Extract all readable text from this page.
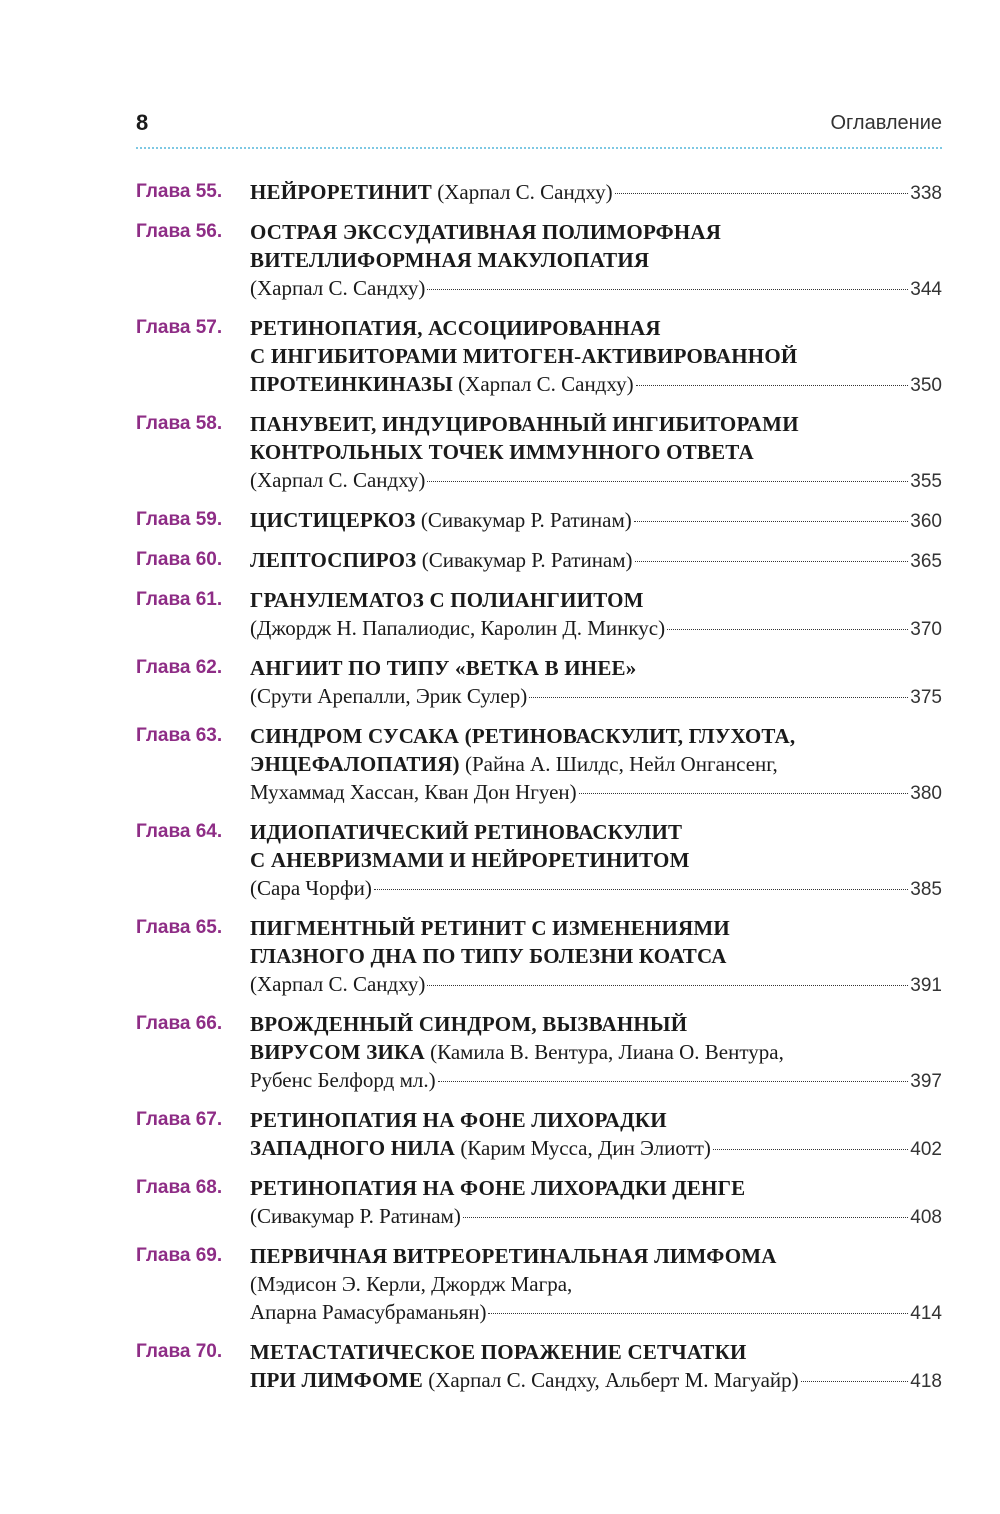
8	Оглавление
Глава 55.	НЕЙРОРЕТИНИТ (Харпал С. Сандху)	338
Глава 56.	ОСТРАЯ ЭКССУДАТИВНАЯ ПОЛИМОРФНАЯ
ВИТЕЛЛИФОРМНАЯ МАКУЛОПАТИЯ
(Харпал С. Сандху)	344
Глава 57.	РЕТИНОПАТИЯ, АССОЦИИРОВАННАЯ
С ИНГИБИТОРАМИ МИТОГЕН-АКТИВИРОВАННОЙ
ПРОТЕИНКИНАЗЫ (Харпал С. Сандху)	350
Глава 58.	ПАНУВЕИТ, ИНДУЦИРОВАННЫЙ ИНГИБИТОРАМИ
КОНТРОЛЬНЫХ ТОЧЕК ИММУННОГО ОТВЕТА
(Харпал С. Сандху)	355
Глава 59.	ЦИСТИЦЕРКОЗ (Сивакумар Р. Ратинам)	360
Глава 60.	ЛЕПТОСПИРОЗ (Сивакумар Р. Ратинам)	365
Глава 61.	ГРАНУЛЕМАТОЗ С ПОЛИАНГИИТОМ
(Джордж Н. Папалиодис, Каролин Д. Минкус)	370
Глава 62.	АНГИИТ ПО ТИПУ «ВЕТКА В ИНЕЕ»
(Срути Арепалли, Эрик Сулер)	375
Глава 63.	СИНДРОМ СУСАКА (РЕТИНОВАСКУЛИТ, ГЛУХОТА,
ЭНЦЕФАЛОПАТИЯ) (Райна А. Шилдс, Нейл Онгансенг,
Мухаммад Хассан, Кван Дон Нгуен)	380
Глава 64.	ИДИОПАТИЧЕСКИЙ РЕТИНОВАСКУЛИТ
С АНЕВРИЗМАМИ И НЕЙРОРЕТИНИТОМ
(Сара Чорфи)	385
Глава 65.	ПИГМЕНТНЫЙ РЕТИНИТ С ИЗМЕНЕНИЯМИ
ГЛАЗНОГО ДНА ПО ТИПУ БОЛЕЗНИ КОАТСА
(Харпал С. Сандху)	391
Глава 66.	ВРОЖДЕННЫЙ СИНДРОМ, ВЫЗВАННЫЙ
ВИРУСОМ ЗИКА (Камила В. Вентура, Лиана О. Вентура,
Рубенс Белфорд мл.)	397
Глава 67.	РЕТИНОПАТИЯ НА ФОНЕ ЛИХОРАДКИ
ЗАПАДНОГО НИЛА (Карим Мусса, Дин Элиотт)	402
Глава 68.	РЕТИНОПАТИЯ НА ФОНЕ ЛИХОРАДКИ ДЕНГЕ
(Сивакумар Р. Ратинам)	408
Глава 69.	ПЕРВИЧНАЯ ВИТРЕОРЕТИНАЛЬНАЯ ЛИМФОМА
(Мэдисон Э. Керли, Джордж Магра,
Апарна Рамасубраманьян)	414
Глава 70.	МЕТАСТАТИЧЕСКОЕ ПОРАЖЕНИЕ СЕТЧАТКИ
ПРИ ЛИМФОМЕ (Харпал С. Сандху, Альберт М. Магуайр)	418
